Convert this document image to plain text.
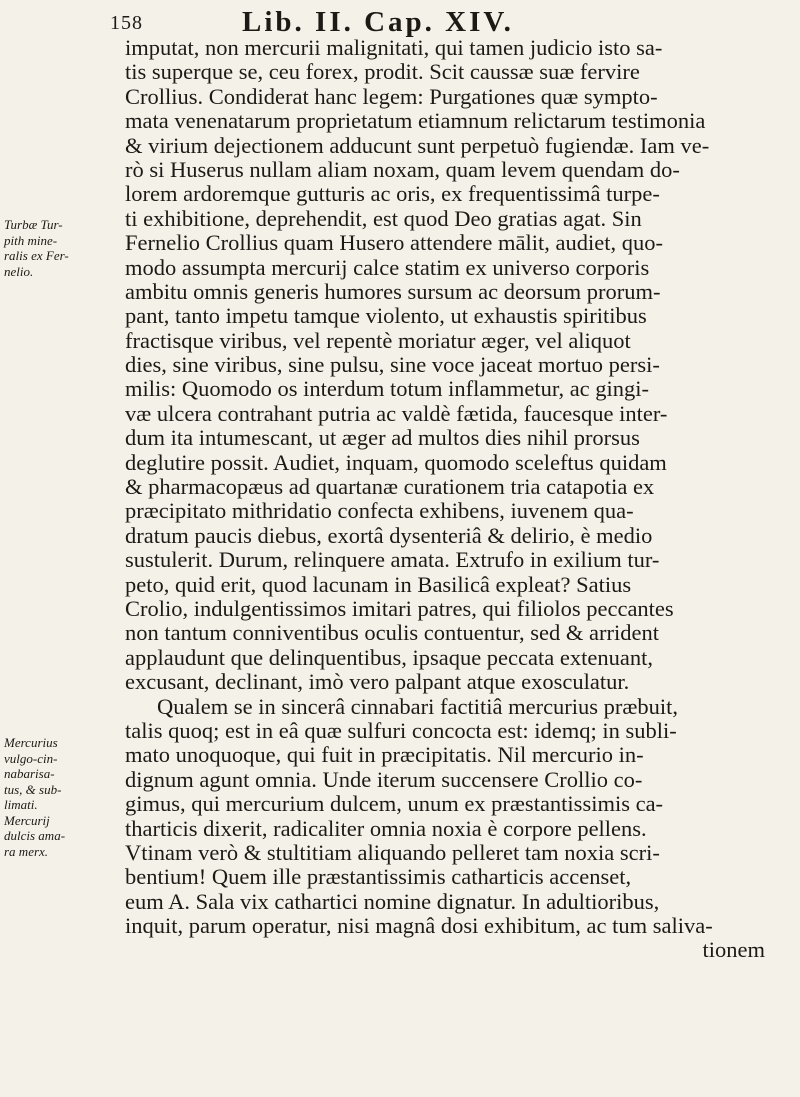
158	Lib. II. Cap. XIV.
Turbæ Tur-
pith mine-
ralis ex Fer-
nelio.
Mercurius
vulgo-cin-
nabarisa-
tus, & sub-
limati.
Mercurij
dulcis ama-
ra merx.
imputat, non mercurii malignitati, qui tamen judicio isto sa-
tis superque se, ceu forex, prodit. Scit caussæ suæ fervire
Crollius. Condiderat hanc legem: Purgationes quæ sympto-
mata venenatarum proprietatum etiamnum relictarum testimonia
& virium dejectionem adducunt sunt perpetuò fugiendæ. Iam ve-
rò si Huserus nullam aliam noxam, quam levem quendam do-
lorem ardoremque gutturis ac oris, ex frequentissimâ turpe-
ti exhibitione, deprehendit, est quod Deo gratias agat. Sin
Fernelio Crollius quam Husero attendere mālit, audiet, quo-
modo assumpta mercurij calce statim ex universo corporis
ambitu omnis generis humores sursum ac deorsum prorum-
pant, tanto impetu tamque violento, ut exhaustis spiritibus
fractisque viribus, vel repentè moriatur æger, vel aliquot
dies, sine viribus, sine pulsu, sine voce jaceat mortuo persi-
milis: Quomodo os interdum totum inflammetur, ac gingi-
væ ulcera contrahant putria ac valdè fætida, faucesque inter-
dum ita intumescant, ut æger ad multos dies nihil prorsus
deglutire possit. Audiet, inquam, quomodo sceleftus quidam
& pharmacopæus ad quartanæ curationem tria catapotia ex
præcipitato mithridatio confecta exhibens, iuvenem qua-
dratum paucis diebus, exortâ dysenteriâ & delirio, è medio
sustulerit. Durum, relinquere amata. Extrufo in exilium tur-
peto, quid erit, quod lacunam in Basilicâ expleat? Satius
Crolio, indulgentissimos imitari patres, qui filiolos peccantes
non tantum conniventibus oculis contuentur, sed & arrident
applaudunt que delinquentibus, ipsaque peccata extenuant,
excusant, declinant, imò vero palpant atque exosculatur.
Qualem se in sincerâ cinnabari factitiâ mercurius præbuit,
talis quoq; est in eâ quæ sulfuri concocta est: idemq; in subli-
mato unoquoque, qui fuit in præcipitatis. Nil mercurio in-
dignum agunt omnia. Unde iterum succensere Crollio co-
gimus, qui mercurium dulcem, unum ex præstantissimis ca-
tharticis dixerit, radicaliter omnia noxia è corpore pellens.
Vtinam verò & stultitiam aliquando pelleret tam noxia scri-
bentium! Quem ille præstantissimis catharticis accenset,
eum A. Sala vix cathartici nomine dignatur. In adultioribus,
inquit, parum operatur, nisi magnâ dosi exhibitum, ac tum saliva-
tionem
